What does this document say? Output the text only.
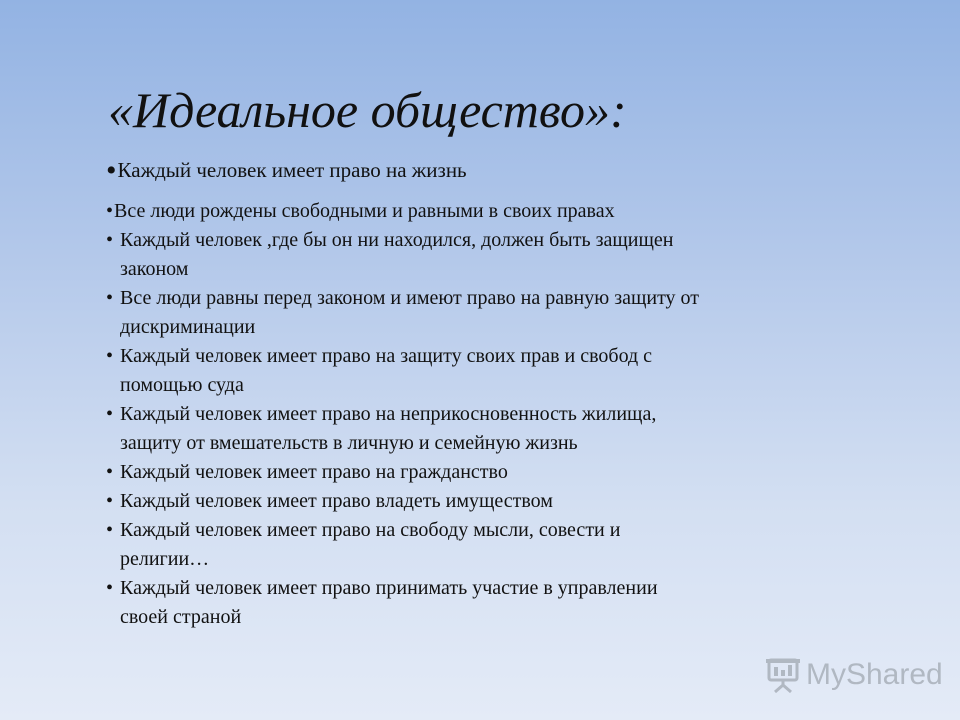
«Идеальное общество»:
•Каждый человек имеет право на жизнь
• Все люди рождены свободными и равными в своих правах
• Каждый человек ,где бы он ни находился, должен быть защищен
законом
• Все люди равны перед законом и имеют право на равную защиту от
дискриминации
• Каждый человек имеет право на защиту своих прав и свобод с
помощью суда
• Каждый человек имеет право на неприкосновенность жилища,
защиту от вмешательств в личную и семейную жизнь
• Каждый человек имеет право на гражданство
• Каждый человек имеет право владеть имуществом
• Каждый человек имеет право на свободу мысли, совести и
религии…
• Каждый человек имеет право принимать участие в управлении
своей страной
MyShared
